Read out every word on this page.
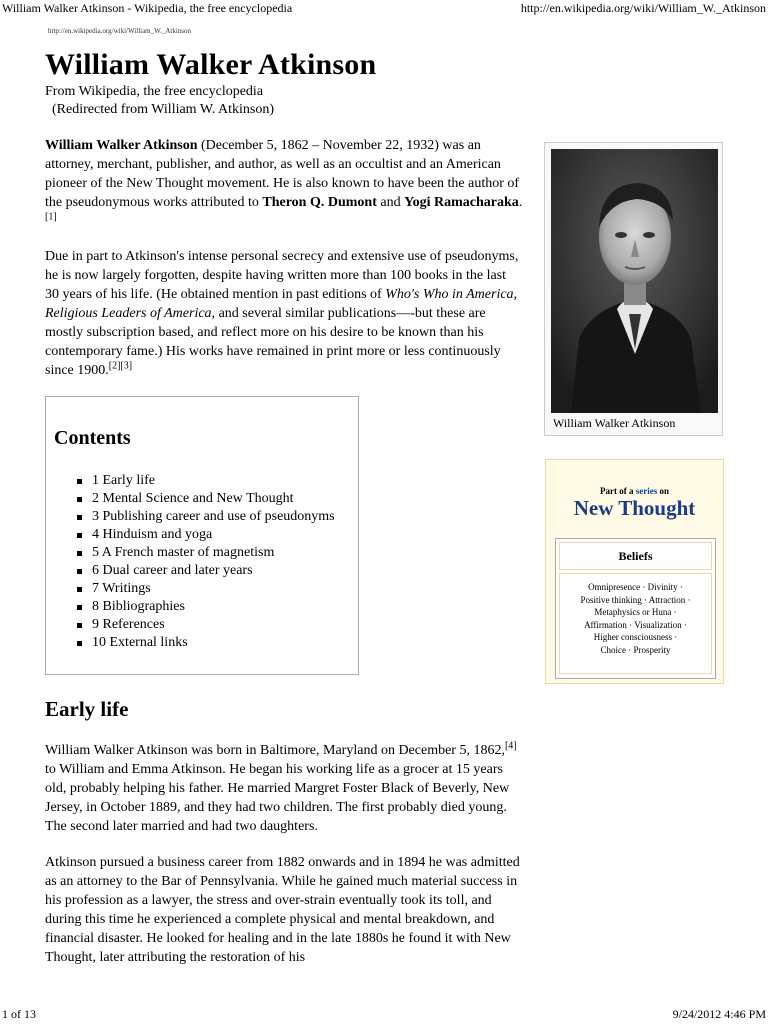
William Walker Atkinson - Wikipedia, the free encyclopedia	http://en.wikipedia.org/wiki/William_W._Atkinson
http://en.wikipedia.org/wiki/William_W._Atkinson
William Walker Atkinson
From Wikipedia, the free encyclopedia
(Redirected from William W. Atkinson)
William Walker Atkinson (December 5, 1862 – November 22, 1932) was an attorney, merchant, publisher, and author, as well as an occultist and an American pioneer of the New Thought movement. He is also known to have been the author of the pseudonymous works attributed to Theron Q. Dumont and Yogi Ramacharaka.[1]
Due in part to Atkinson's intense personal secrecy and extensive use of pseudonyms, he is now largely forgotten, despite having written more than 100 books in the last 30 years of his life. (He obtained mention in past editions of Who's Who in America, Religious Leaders of America, and several similar publications—-but these are mostly subscription based, and reflect more on his desire to be known than his contemporary fame.) His works have remained in print more or less continuously since 1900.[2][3]
William Walker Atkinson
Contents
1 Early life
2 Mental Science and New Thought
3 Publishing career and use of pseudonyms
4 Hinduism and yoga
5 A French master of magnetism
6 Dual career and later years
7 Writings
8 Bibliographies
9 References
10 External links
Part of a series on
New Thought
Beliefs
Omnipresence · Divinity ·
Positive thinking · Attraction ·
Metaphysics or Huna ·
Affirmation · Visualization ·
Higher consciousness ·
Choice · Prosperity
Early life
William Walker Atkinson was born in Baltimore, Maryland on December 5, 1862,[4] to William and Emma Atkinson. He began his working life as a grocer at 15 years old, probably helping his father. He married Margret Foster Black of Beverly, New Jersey, in October 1889, and they had two children. The first probably died young. The second later married and had two daughters.
Atkinson pursued a business career from 1882 onwards and in 1894 he was admitted as an attorney to the Bar of Pennsylvania. While he gained much material success in his profession as a lawyer, the stress and over-strain eventually took its toll, and during this time he experienced a complete physical and mental breakdown, and financial disaster. He looked for healing and in the late 1880s he found it with New Thought, later attributing the restoration of his
1 of 13	9/24/2012 4:46 PM
